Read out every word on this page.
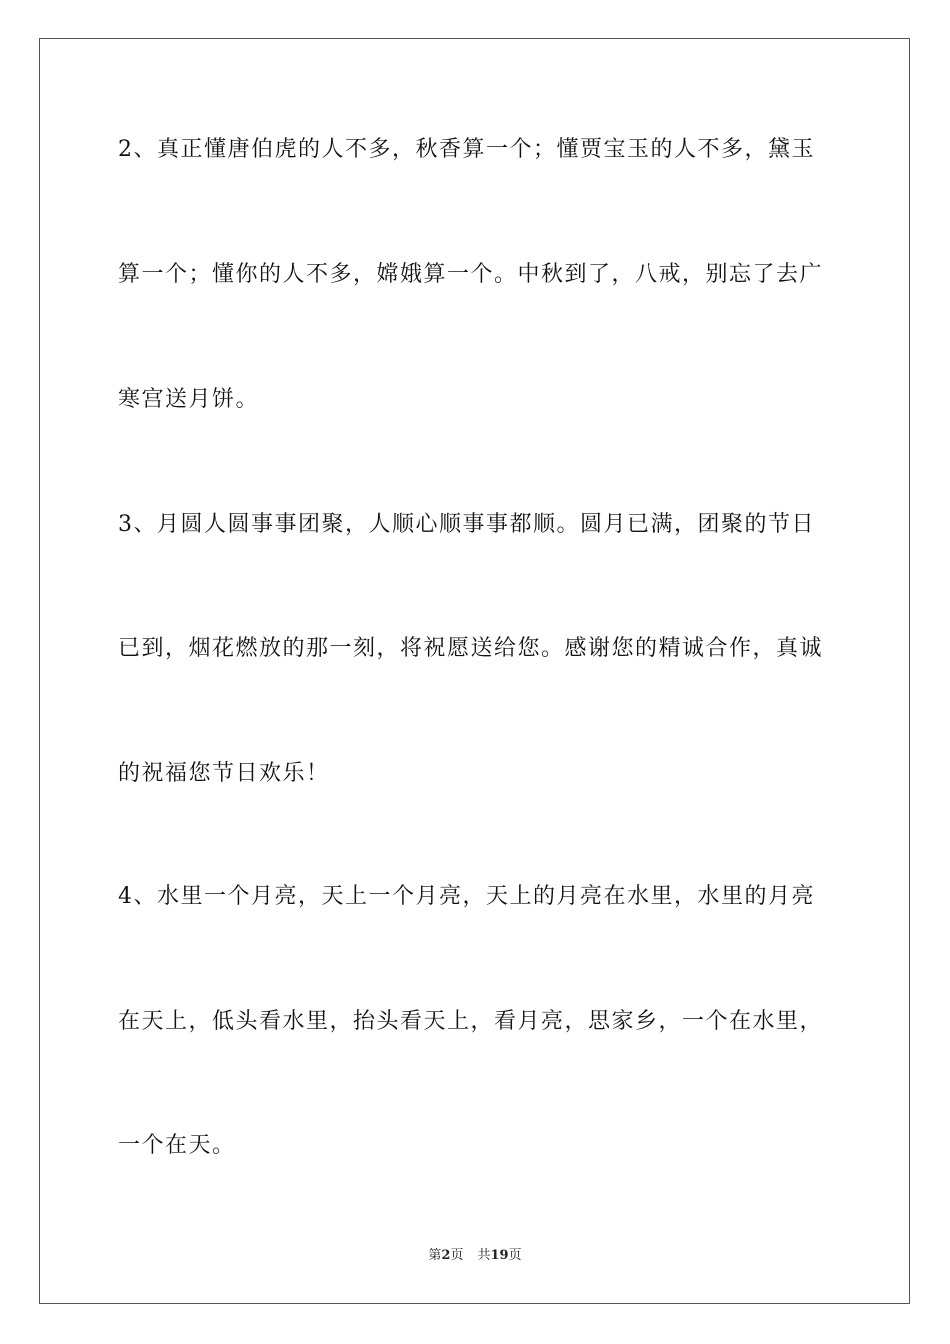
2、真正懂唐伯虎的人不多，秋香算一个；懂贾宝玉的人不多，黛玉
算一个；懂你的人不多，嫦娥算一个。中秋到了，八戒，别忘了去广
寒宫送月饼。
3、月圆人圆事事团聚，人顺心顺事事都顺。圆月已满，团聚的节日
已到，烟花燃放的那一刻，将祝愿送给您。感谢您的精诚合作，真诚
的祝福您节日欢乐！
4、水里一个月亮，天上一个月亮，天上的月亮在水里，水里的月亮
在天上，低头看水里，抬头看天上，看月亮，思家乡，一个在水里，
一个在天。
第2页 共19页
